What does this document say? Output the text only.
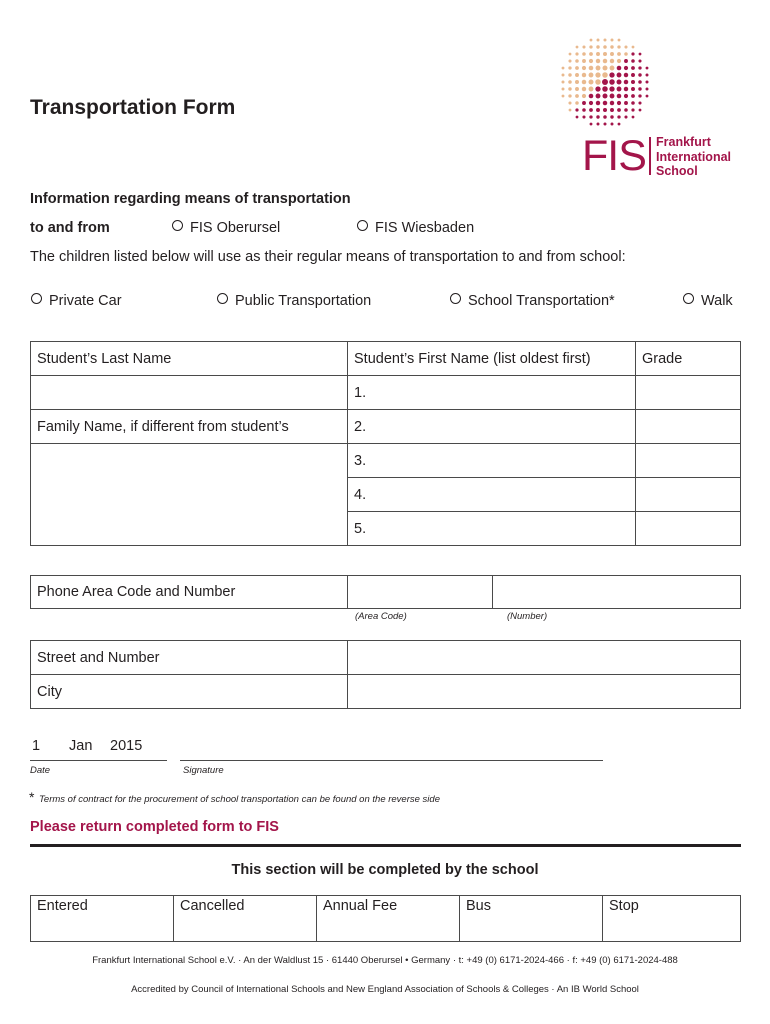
Transportation Form
FIS Frankfurt
International
School
Information regarding means of transportation
to and from	FIS Oberursel	FIS Wiesbaden
The children listed below will use as their regular means of transportation to and from school:
Private Car	Public Transportation	School Transportation*	Walk
Student’s Last Name	Student’s First Name (list oldest first)	Grade
	1.	
Family Name, if different from student’s	2.	
	3.	
	4.	
	5.	
Phone Area Code and Number		
(Area Code)	(Number)
Street and Number	
City	
1 Jan 2015
Date	Signature
* Terms of contract for the procurement of school transportation can be found on the reverse side
Please return completed form to FIS
This section will be completed by the school
Entered	Cancelled	Annual Fee	Bus	Stop
Frankfurt International School e.V. · An der Waldlust 15 · 61440 Oberursel • Germany · t: +49 (0) 6171-2024-466 · f: +49 (0) 6171-2024-488
Accredited by Council of International Schools and New England Association of Schools & Colleges · An IB World School
